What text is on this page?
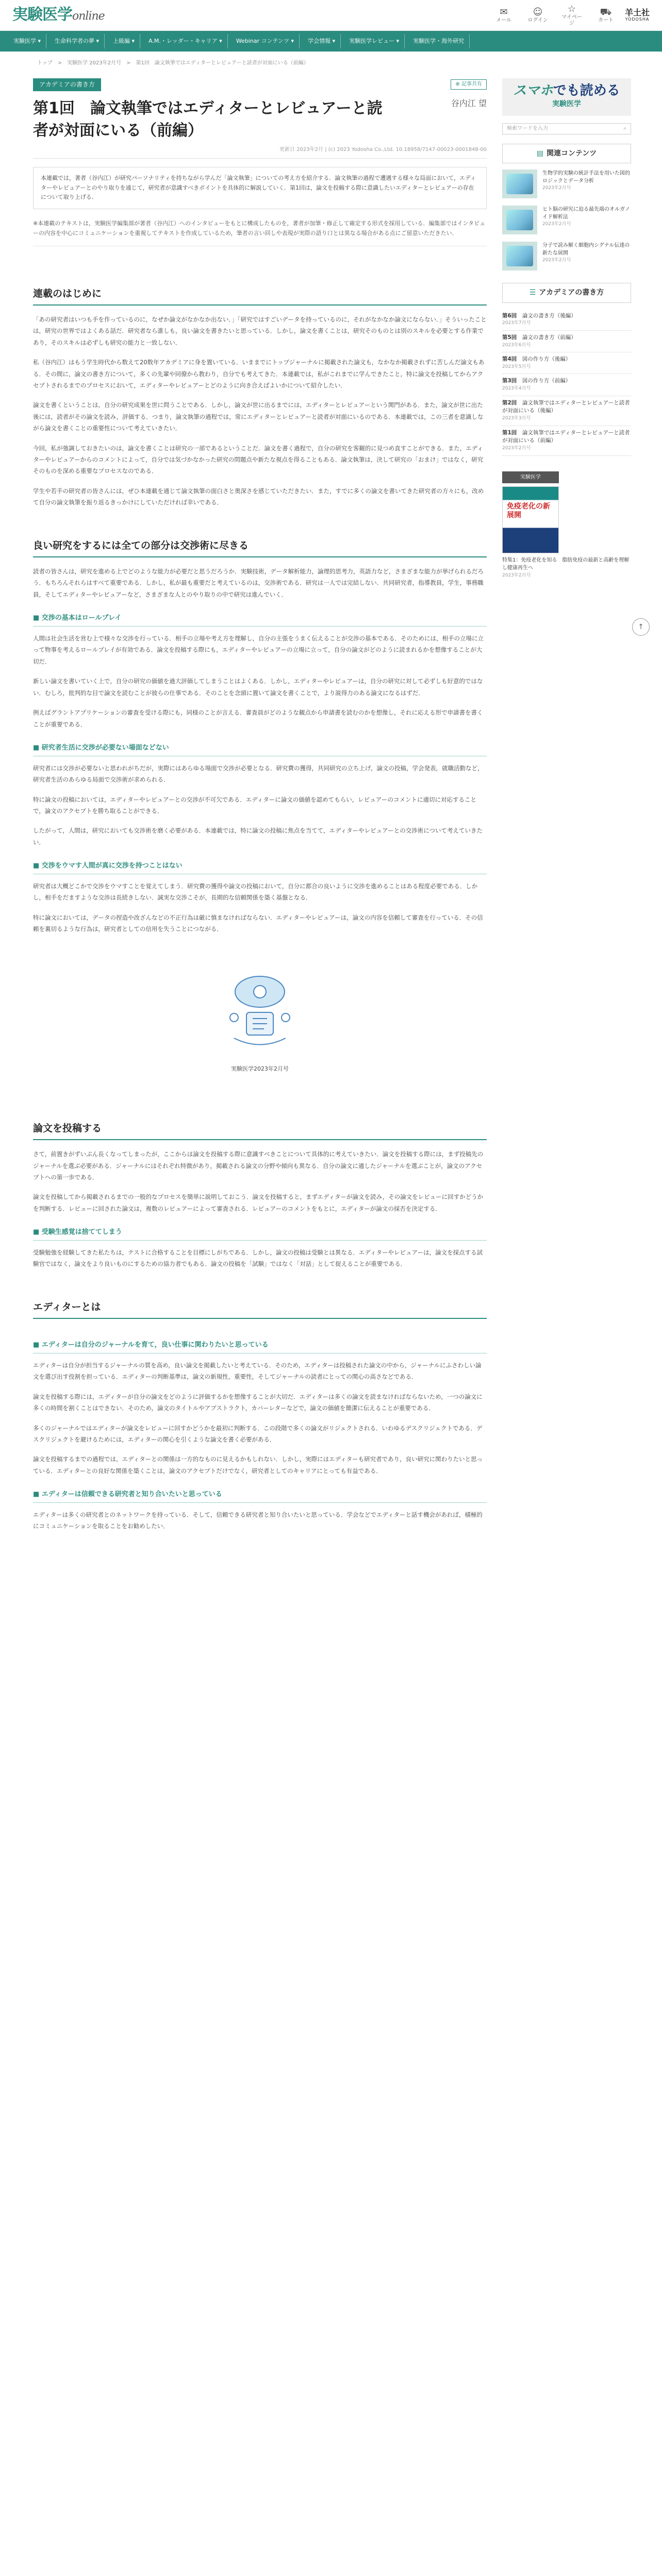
実験医学online	✉
メール
☺
ログイン
☆
マイページ
⛟
カート
羊土社
YODOSHA
実験医学 ▾	生命科学者の夢 ▾	上級編 ▾	A.M.・レッダー・キャリア ▾	Webinar コンテンツ ▾	学会情報 ▾	実験医学レビュー ▾	実験医学・海外研究
トップ　>　実験医学 2023年2月号　>　第1回　論文執筆ではエディターとレビュアーと読者が対面にいる（前編）
アカデミアの書き方	⊕ 記事共有
第1回　論文執筆ではエディターとレビュアーと読者が対面にいる（前編）
谷内江 望
更新日 2023年2月 | (c) 2023 Yodosha Co.,Ltd. 10.18958/7147-00023-0001848-00
本連載では，著者（谷内江）が研究パーソナリティを持ちながら学んだ「論文執筆」についての考え方を紹介する．論文執筆の過程で遭遇する様々な局面において，エディターやレビュアーとのやり取りを通じて，研究者が意識すべきポイントを具体的に解説していく．第1回は，論文を投稿する際に意識したいエディターとレビュアーの存在について取り上げる．
※本連載のテキストは，実験医学編集部が著者（谷内江）へのインタビューをもとに構成したものを，著者が加筆・修正して確定する形式を採用している．編集部ではインタビューの内容を中心にコミュニケーションを重視してテキストを作成しているため，筆者の言い回しや表現が実際の語り口とは異なる場合がある点にご留意いただきたい．
連載のはじめに

「あの研究者はいつも手を作っているのに，なぜか論文がなかなか出ない．」「研究ではすごいデータを持っているのに，それがなかなか論文にならない．」そういったことは，研究の世界ではよくある話だ．研究者なら誰しも，良い論文を書きたいと思っている．しかし，論文を書くことは，研究そのものとは別のスキルを必要とする作業であり，そのスキルは必ずしも研究の能力と一致しない．

私（谷内江）はもう学生時代から数えて20数年アカデミアに身を置いている．いままでにトップジャーナルに掲載された論文も，なかなか掲載されずに苦しんだ論文もある．その間に，論文の書き方について，多くの先輩や同僚から教わり，自分でも考えてきた．本連載では，私がこれまでに学んできたこと，特に論文を投稿してからアクセプトされるまでのプロセスにおいて，エディターやレビュアーとどのように向き合えばよいかについて紹介したい．

論文を書くということは，自分の研究成果を世に問うことである．しかし，論文が世に出るまでには，エディターとレビュアーという関門がある．また，論文が世に出た後には，読者がその論文を読み，評価する．つまり，論文執筆の過程では，常にエディターとレビュアーと読者が対面にいるのである．本連載では，この三者を意識しながら論文を書くことの重要性について考えていきたい．

今回，私が強調しておきたいのは，論文を書くことは研究の一部であるということだ．論文を書く過程で，自分の研究を客観的に見つめ直すことができる．また，エディターやレビュアーからのコメントによって，自分では気づかなかった研究の問題点や新たな視点を得ることもある．論文執筆は，決して研究の「おまけ」ではなく，研究そのものを深める重要なプロセスなのである．

学生や若手の研究者の皆さんには，ぜひ本連載を通じて論文執筆の面白さと奥深さを感じていただきたい．また，すでに多くの論文を書いてきた研究者の方々にも，改めて自分の論文執筆を振り返るきっかけにしていただければ幸いである．

良い研究をするには全ての部分は交渉術に尽きる

読者の皆さんは，研究を進める上でどのような能力が必要だと思うだろうか．実験技術，データ解析能力，論理的思考力，英語力など，さまざまな能力が挙げられるだろう．もちろんそれらはすべて重要である．しかし，私が最も重要だと考えているのは，交渉術である．研究は一人では完結しない．共同研究者，指導教員，学生，事務職員，そしてエディターやレビュアーなど，さまざまな人とのやり取りの中で研究は進んでいく．

■ 交渉の基本はロールプレイ

人間は社会生活を営む上で様々な交渉を行っている．相手の立場や考え方を理解し，自分の主張をうまく伝えることが交渉の基本である．そのためには，相手の立場に立って物事を考えるロールプレイが有効である．論文を投稿する際にも，エディターやレビュアーの立場に立って，自分の論文がどのように読まれるかを想像することが大切だ．

新しい論文を書いていく上で，自分の研究の価値を過大評価してしまうことはよくある．しかし，エディターやレビュアーは，自分の研究に対して必ずしも好意的ではない．むしろ，批判的な目で論文を読むことが彼らの仕事である．そのことを念頭に置いて論文を書くことで，より説得力のある論文になるはずだ．

例えばグラントアプリケーションの審査を受ける際にも，同様のことが言える．審査員がどのような観点から申請書を読むのかを想像し，それに応える形で申請書を書くことが重要である．

■ 研究者生活に交渉が必要ない場面などない

研究者には交渉が必要ないと思われがちだが，実際にはあらゆる場面で交渉が必要となる．研究費の獲得，共同研究の立ち上げ，論文の投稿，学会発表，就職活動など，研究者生活のあらゆる局面で交渉術が求められる．

特に論文の投稿においては，エディターやレビュアーとの交渉が不可欠である．エディターに論文の価値を認めてもらい，レビュアーのコメントに適切に対応することで，論文のアクセプトを勝ち取ることができる．

したがって，人間は，研究においても交渉術を磨く必要がある．本連載では，特に論文の投稿に焦点を当てて，エディターやレビュアーとの交渉術について考えていきたい．

■ 交渉をウマす人間が真に交渉を持つことはない

研究者は大概どこかで交渉をウマすことを覚えてしまう．研究費の獲得や論文の投稿において，自分に都合の良いように交渉を進めることはある程度必要である．しかし，相手をだますような交渉は長続きしない．誠実な交渉こそが，長期的な信頼関係を築く基盤となる．

特に論文においては，データの捏造や改ざんなどの不正行為は厳に慎まなければならない．エディターやレビュアーは，論文の内容を信頼して審査を行っている．その信頼を裏切るような行為は，研究者としての信用を失うことにつながる．

実験医学2023年2月号
論文を投稿する

さて，前置きがずいぶん長くなってしまったが，ここからは論文を投稿する際に意識すべきことについて具体的に考えていきたい．論文を投稿する際には，まず投稿先のジャーナルを選ぶ必要がある．ジャーナルにはそれぞれ特徴があり，掲載される論文の分野や傾向も異なる．自分の論文に適したジャーナルを選ぶことが，論文のアクセプトへの第一歩である．

論文を投稿してから掲載されるまでの一般的なプロセスを簡単に説明しておこう．論文を投稿すると，まずエディターが論文を読み，その論文をレビューに回すかどうかを判断する．レビューに回された論文は，複数のレビュアーによって審査される．レビュアーのコメントをもとに，エディターが論文の採否を決定する．

■ 受験生感覚は捨ててしまう

受験勉強を経験してきた私たちは，テストに合格することを目標にしがちである．しかし，論文の投稿は受験とは異なる．エディターやレビュアーは，論文を採点する試験官ではなく，論文をより良いものにするための協力者でもある．論文の投稿を「試験」ではなく「対話」として捉えることが重要である．

エディターとは
■ エディターは自分のジャーナルを育て，良い仕事に関わりたいと思っている

エディターは自分が担当するジャーナルの質を高め，良い論文を掲載したいと考えている．そのため，エディターは投稿された論文の中から，ジャーナルにふさわしい論文を選び出す役割を担っている．エディターの判断基準は，論文の新規性，重要性，そしてジャーナルの読者にとっての関心の高さなどである．

論文を投稿する際には，エディターが自分の論文をどのように評価するかを想像することが大切だ．エディターは多くの論文を読まなければならないため，一つの論文に多くの時間を割くことはできない．そのため，論文のタイトルやアブストラクト，カバーレターなどで，論文の価値を簡潔に伝えることが重要である．

多くのジャーナルではエディターが論文をレビューに回すかどうかを最初に判断する．この段階で多くの論文がリジェクトされる．いわゆるデスクリジェクトである．デスクリジェクトを避けるためには，エディターの関心を引くような論文を書く必要がある．

論文を投稿するまでの過程では，エディターとの関係は一方的なものに見えるかもしれない．しかし，実際にはエディターも研究者であり，良い研究に関わりたいと思っている．エディターとの良好な関係を築くことは，論文のアクセプトだけでなく，研究者としてのキャリアにとっても有益である．

■ エディターは信頼できる研究者と知り合いたいと思っている

エディターは多くの研究者とのネットワークを持っている．そして，信頼できる研究者と知り合いたいと思っている．学会などでエディターと話す機会があれば，積極的にコミュニケーションを取ることをお勧めしたい．

スマホでも読める
実験医学
検索ワードを入力	⌕
▤ 関連コンテンツ
生物学的実験の統計手法を用いた図的ロジックとデータ分析
2023年2月号
ヒト脳の研究に迫る最先端のオルガノイド解析法
2023年2月号
分子で読み解く細胞内シグナル伝達の新たな展開
2023年2月号
☰ アカデミアの書き方
第6回　論文の書き方（後編）
2023年7月号
第5回　論文の書き方（前編）
2023年6月号
第4回　図の作り方（後編）
2023年5月号
第3回　図の作り方（前編）
2023年4月号
第2回　論文執筆ではエディターとレビュアーと読者が対面にいる（後編）
2023年3月号
第1回　論文執筆ではエディターとレビュアーと読者が対面にいる（前編）
2023年2月号
実験医学
免疫老化の新展開
特集1：免疫老化を知る　脂肪免疫の最新と高齢を理解し健康再生へ
2023年2月号
↑
